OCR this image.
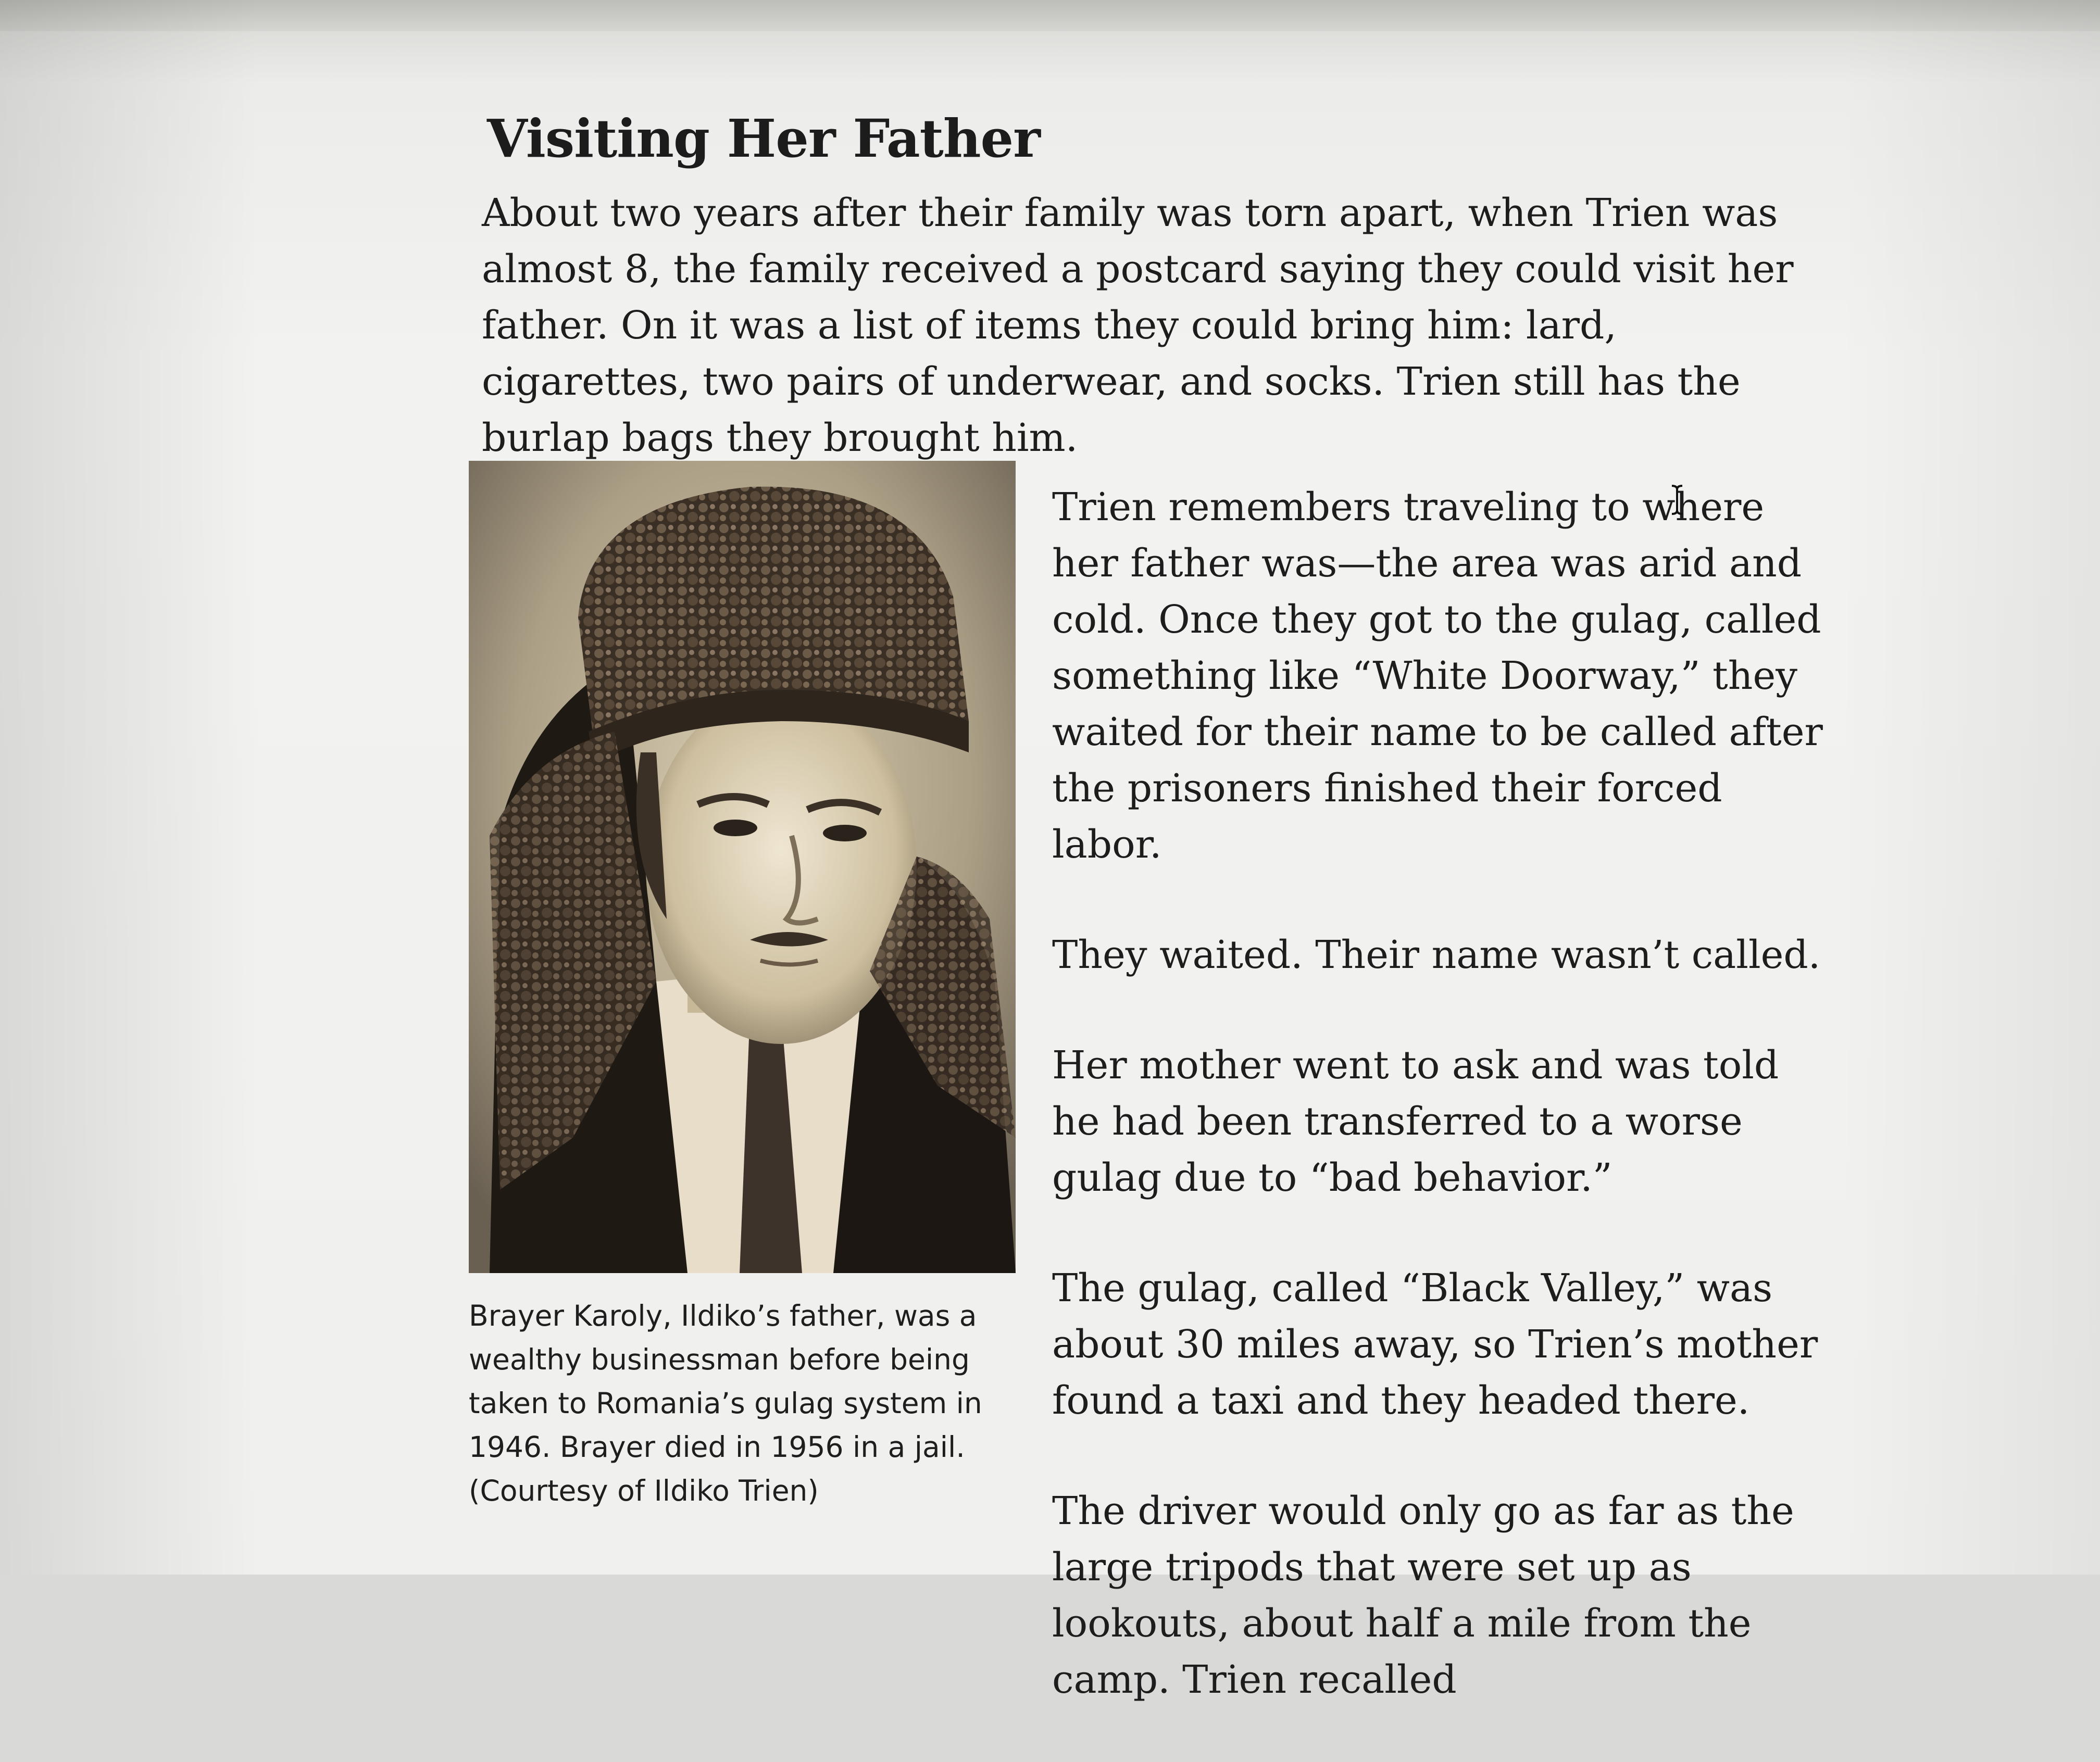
Visiting Her Father

About two years after their family was torn apart, when Trien was almost 8, the family received a postcard saying they could visit her father. On it was a list of items they could bring him: lard, cigarettes, two pairs of underwear, and socks. Trien still has the burlap bags they brought him.

Brayer Karoly, Ildiko’s father, was a wealthy businessman before being taken to Romania’s gulag system in 1946. Brayer died in 1956 in a jail. (Courtesy of Ildiko Trien)

Trien remembers traveling to where her father was—the area was arid and cold. Once they got to the gulag, called something like “White Doorway,” they waited for their name to be called after the prisoners finished their forced labor.

They waited. Their name wasn’t called.

Her mother went to ask and was told he had been transferred to a worse gulag due to “bad behavior.”

The gulag, called “Black Valley,” was about 30 miles away, so Trien’s mother found a taxi and they headed there.

The driver would only go as far as the large tripods that were set up as lookouts, about half a mile from the camp. Trien recalled
